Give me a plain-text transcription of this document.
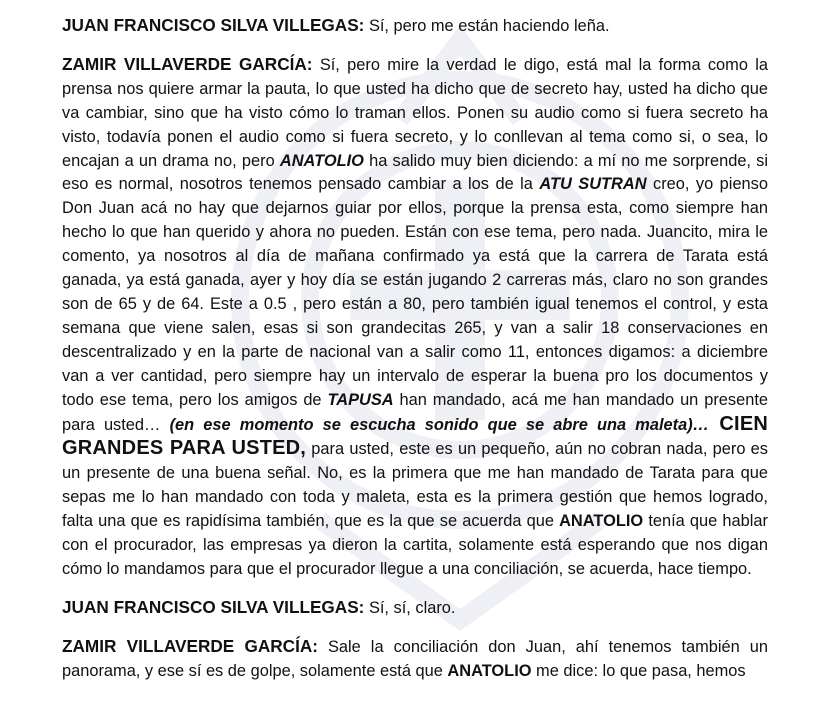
JUAN FRANCISCO SILVA VILLEGAS: Sí, pero me están haciendo leña.

ZAMIR VILLAVERDE GARCÍA: Sí, pero mire la verdad le digo, está mal la forma como la prensa nos quiere armar la pauta, lo que usted ha dicho que de secreto hay, usted ha dicho que va cambiar, sino que ha visto cómo lo traman ellos. Ponen su audio como si fuera secreto ha visto, todavía ponen el audio como si fuera secreto, y lo conllevan al tema como si, o sea, lo encajan a un drama no, pero ANATOLIO ha salido muy bien diciendo: a mí no me sorprende, si eso es normal, nosotros tenemos pensado cambiar a los de la ATU SUTRAN creo, yo pienso Don Juan acá no hay que dejarnos guiar por ellos, porque la prensa esta, como siempre han hecho lo que han querido y ahora no pueden. Están con ese tema, pero nada. Juancito, mira le comento, ya nosotros al día de mañana confirmado ya está que la carrera de Tarata está ganada, ya está ganada, ayer y hoy día se están jugando 2 carreras más, claro no son grandes son de 65 y de 64. Este a 0.5 , pero están a 80, pero también igual tenemos el control, y esta semana que viene salen, esas si son grandecitas 265, y van a salir 18 conservaciones en descentralizado y en la parte de nacional van a salir como 11, entonces digamos: a diciembre van a ver cantidad, pero siempre hay un intervalo de esperar la buena pro los documentos y todo ese tema, pero los amigos de TAPUSA han mandado, acá me han mandado un presente para usted… (en ese momento se escucha sonido que se abre una maleta)… CIEN GRANDES PARA USTED, para usted, este es un pequeño, aún no cobran nada, pero es un presente de una buena señal. No, es la primera que me han mandado de Tarata para que sepas me lo han mandado con toda y maleta, esta es la primera gestión que hemos logrado, falta una que es rapidísima también, que es la que se acuerda que ANATOLIO tenía que hablar con el procurador, las empresas ya dieron la cartita, solamente está esperando que nos digan cómo lo mandamos para que el procurador llegue a una conciliación, se acuerda, hace tiempo.

JUAN FRANCISCO SILVA VILLEGAS: Sí, sí, claro.

ZAMIR VILLAVERDE GARCÍA: Sale la conciliación don Juan, ahí tenemos también un panorama, y ese sí es de golpe, solamente está que ANATOLIO me dice: lo que pasa, hemos
